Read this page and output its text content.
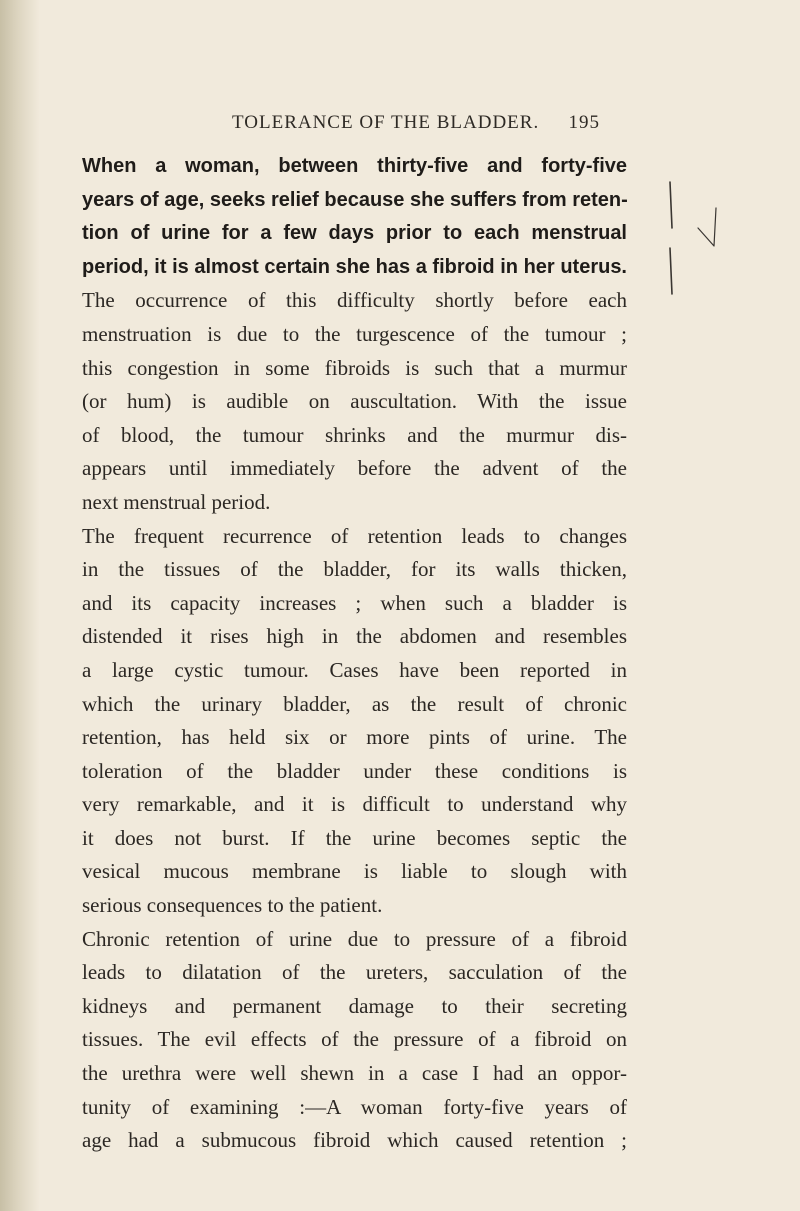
TOLERANCE OF THE BLADDER. 195
When a woman, between thirty-five and forty-five
years of age, seeks relief because she suffers from reten-
tion of urine for a few days prior to each menstrual
period, it is almost certain she has a fibroid in her uterus.
The occurrence of this difficulty shortly before each
menstruation is due to the turgescence of the tumour ;
this congestion in some fibroids is such that a murmur
(or hum) is audible on auscultation. With the issue
of blood, the tumour shrinks and the murmur dis-
appears until immediately before the advent of the
next menstrual period.
The frequent recurrence of retention leads to changes
in the tissues of the bladder, for its walls thicken,
and its capacity increases ; when such a bladder is
distended it rises high in the abdomen and resembles
a large cystic tumour. Cases have been reported in
which the urinary bladder, as the result of chronic
retention, has held six or more pints of urine. The
toleration of the bladder under these conditions is
very remarkable, and it is difficult to understand why
it does not burst. If the urine becomes septic the
vesical mucous membrane is liable to slough with
serious consequences to the patient.
Chronic retention of urine due to pressure of a fibroid
leads to dilatation of the ureters, sacculation of the
kidneys and permanent damage to their secreting
tissues. The evil effects of the pressure of a fibroid on
the urethra were well shewn in a case I had an oppor-
tunity of examining :—A woman forty-five years of
age had a submucous fibroid which caused retention ;
